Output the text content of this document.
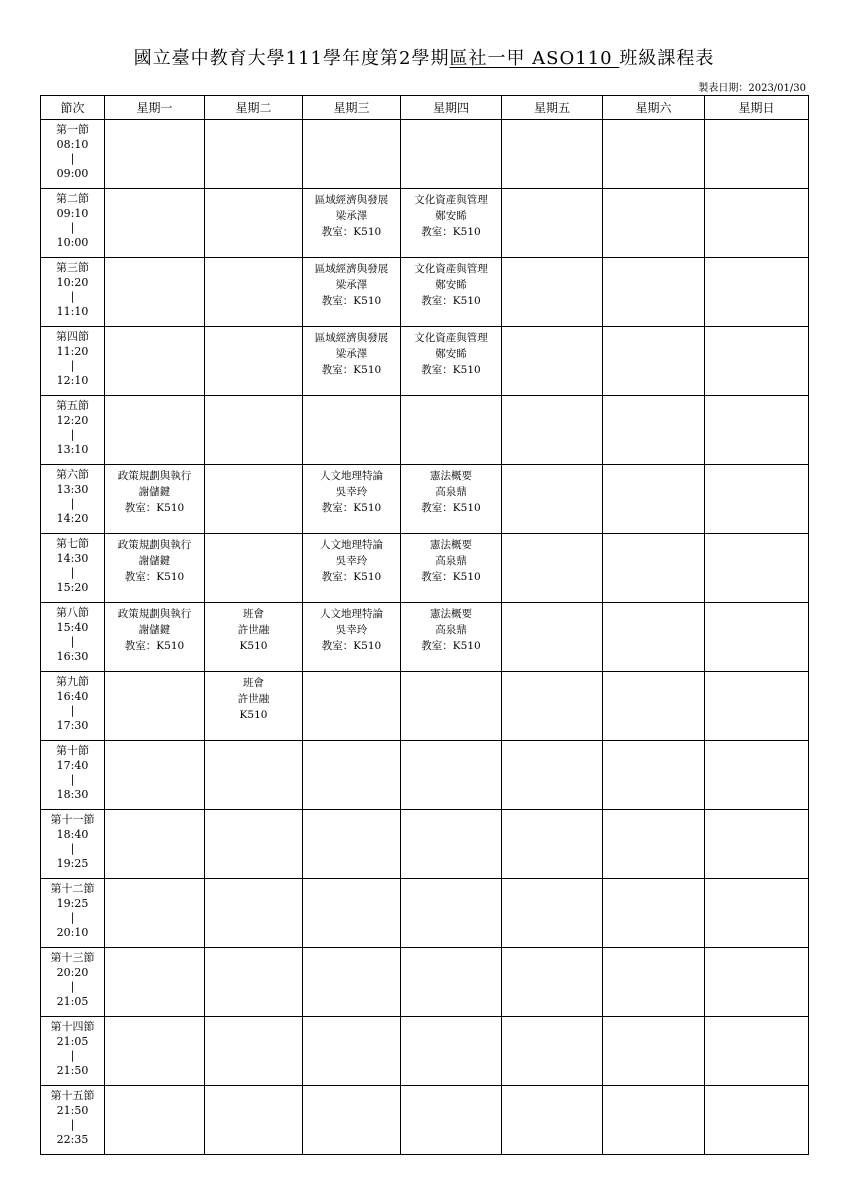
國立臺中教育大學111學年度第2學期區社一甲 ASO110 班級課程表
製表日期：2023/01/30
節次	星期一	星期二	星期三	星期四	星期五	星期六	星期日

第一節
08:10
|
09:00							

第二節
09:10
|
10:00			區域經濟與發展
梁承澤
教室：K510	文化資產與管理
鄭安睎
教室：K510			

第三節
10:20
|
11:10			區域經濟與發展
梁承澤
教室：K510	文化資產與管理
鄭安睎
教室：K510			

第四節
11:20
|
12:10			區域經濟與發展
梁承澤
教室：K510	文化資產與管理
鄭安睎
教室：K510			

第五節
12:20
|
13:10							

第六節
13:30
|
14:20	政策規劃與執行
謝儲鍵
教室：K510		人文地理特論
吳幸玲
教室：K510	憲法概要
高泉鼎
教室：K510			

第七節
14:30
|
15:20	政策規劃與執行
謝儲鍵
教室：K510		人文地理特論
吳幸玲
教室：K510	憲法概要
高泉鼎
教室：K510			

第八節
15:40
|
16:30	政策規劃與執行
謝儲鍵
教室：K510	班會
許世融
K510	人文地理特論
吳幸玲
教室：K510	憲法概要
高泉鼎
教室：K510			

第九節
16:40
|
17:30		班會
許世融
K510					

第十節
17:40
|
18:30							

第十一節
18:40
|
19:25							

第十二節
19:25
|
20:10							

第十三節
20:20
|
21:05							

第十四節
21:05
|
21:50							

第十五節
21:50
|
22:35							
